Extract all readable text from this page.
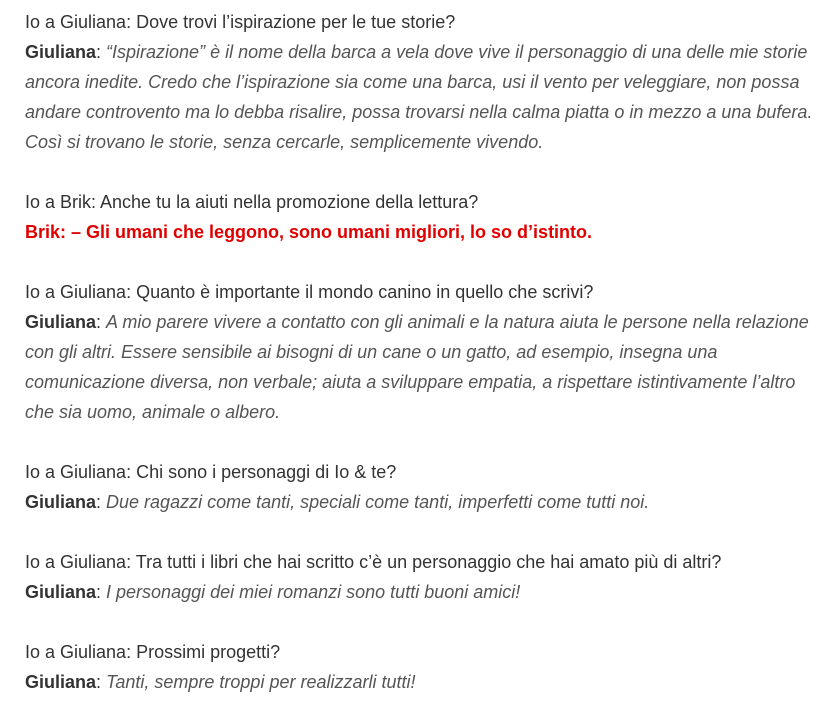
Io a Giuliana: Dove trovi l’ispirazione per le tue storie?

Giuliana: “Ispirazione” è il nome della barca a vela dove vive il personaggio di una delle mie storie ancora inedite. Credo che l’ispirazione sia come una barca, usi il vento per veleggiare, non possa andare controvento ma lo debba risalire, possa trovarsi nella calma piatta o in mezzo a una bufera. Così si trovano le storie, senza cercarle, semplicemente vivendo.

Io a Brik: Anche tu la aiuti nella promozione della lettura?

Brik: – Gli umani che leggono, sono umani migliori, lo so d’istinto.

Io a Giuliana: Quanto è importante il mondo canino in quello che scrivi?

Giuliana: A mio parere vivere a contatto con gli animali e la natura aiuta le persone nella relazione con gli altri. Essere sensibile ai bisogni di un cane o un gatto, ad esempio, insegna una comunicazione diversa, non verbale; aiuta a sviluppare empatia, a rispettare istintivamente l’altro che sia uomo, animale o albero.

Io a Giuliana: Chi sono i personaggi di Io & te?

Giuliana: Due ragazzi come tanti, speciali come tanti, imperfetti come tutti noi.

Io a Giuliana: Tra tutti i libri che hai scritto c’è un personaggio che hai amato più di altri?

Giuliana: I personaggi dei miei romanzi sono tutti buoni amici!

Io a Giuliana: Prossimi progetti?

Giuliana: Tanti, sempre troppi per realizzarli tutti!
